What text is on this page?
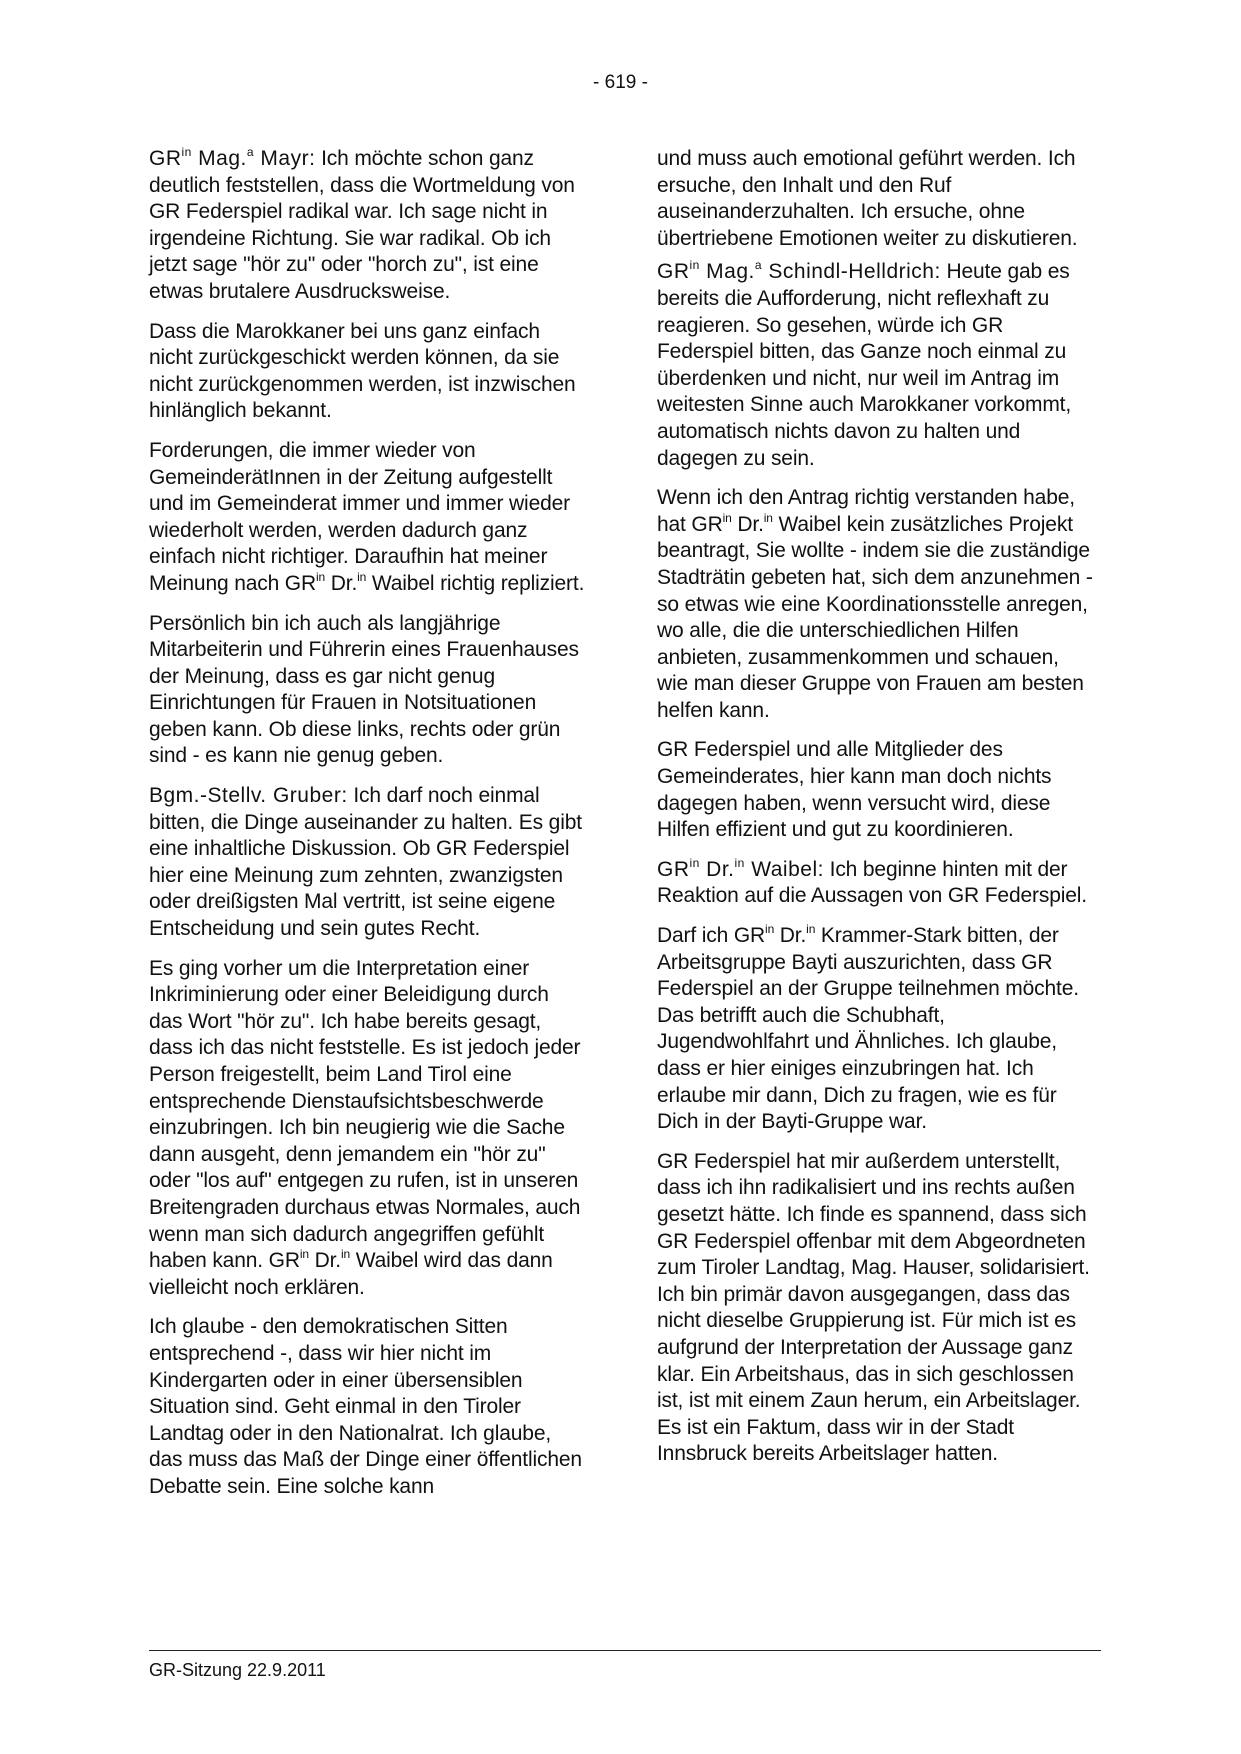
- 619 -

$GR^{in}$ Mag.$^a$ Mayr: Ich möchte schon ganz deutlich feststellen, dass die Wortmeldung von GR Federspiel radikal war. Ich sage nicht in irgendeine Richtung. Sie war radikal. Ob ich jetzt sage "hör zu" oder "horch zu", ist eine etwas brutalere Ausdrucksweise.

Dass die Marokkaner bei uns ganz einfach nicht zurückgeschickt werden können, da sie nicht zurückgenommen werden, ist inzwischen hinlänglich bekannt.

Forderungen, die immer wieder von GemeinderätInnen in der Zeitung aufgestellt und im Gemeinderat immer und immer wieder wiederholt werden, werden dadurch ganz einfach nicht richtiger. Daraufhin hat meiner Meinung nach $GR^{in}$ Dr.$^{in}$ Waibel richtig repliziert.

Persönlich bin ich auch als langjährige Mitarbeiterin und Führerin eines Frauenhauses der Meinung, dass es gar nicht genug Einrichtungen für Frauen in Notsituationen geben kann. Ob diese links, rechts oder grün sind - es kann nie genug geben.

Bgm.-Stellv. Gruber: Ich darf noch einmal bitten, die Dinge auseinander zu halten. Es gibt eine inhaltliche Diskussion. Ob GR Federspiel hier eine Meinung zum zehnten, zwanzigsten oder dreißigsten Mal vertritt, ist seine eigene Entscheidung und sein gutes Recht.

Es ging vorher um die Interpretation einer Inkriminierung oder einer Beleidigung durch das Wort "hör zu". Ich habe bereits gesagt, dass ich das nicht feststelle. Es ist jedoch jeder Person freigestellt, beim Land Tirol eine entsprechende Dienstaufsichtsbeschwerde einzubringen. Ich bin neugierig wie die Sache dann ausgeht, denn jemandem ein "hör zu" oder "los auf" entgegen zu rufen, ist in unseren Breitengraden durchaus etwas Normales, auch wenn man sich dadurch angegriffen gefühlt haben kann. $GR^{in}$ Dr.$^{in}$ Waibel wird das dann vielleicht noch erklären.

Ich glaube - den demokratischen Sitten entsprechend -, dass wir hier nicht im Kindergarten oder in einer übersensiblen Situation sind. Geht einmal in den Tiroler Landtag oder in den Nationalrat. Ich glaube, das muss das Maß der Dinge einer öffentlichen Debatte sein. Eine solche kann

und muss auch emotional geführt werden. Ich ersuche, den Inhalt und den Ruf auseinanderzuhalten. Ich ersuche, ohne übertriebene Emotionen weiter zu diskutieren.

$GR^{in}$ Mag.$^a$ Schindl-Helldrich: Heute gab es bereits die Aufforderung, nicht reflexhaft zu reagieren. So gesehen, würde ich GR Federspiel bitten, das Ganze noch einmal zu überdenken und nicht, nur weil im Antrag im weitesten Sinne auch Marokkaner vorkommt, automatisch nichts davon zu halten und dagegen zu sein.

Wenn ich den Antrag richtig verstanden habe, hat $GR^{in}$ Dr.$^{in}$ Waibel kein zusätzliches Projekt beantragt, Sie wollte - indem sie die zuständige Stadträtin gebeten hat, sich dem anzunehmen - so etwas wie eine Koordinationsstelle anregen, wo alle, die die unterschiedlichen Hilfen anbieten, zusammenkommen und schauen, wie man dieser Gruppe von Frauen am besten helfen kann.

GR Federspiel und alle Mitglieder des Gemeinderates, hier kann man doch nichts dagegen haben, wenn versucht wird, diese Hilfen effizient und gut zu koordinieren.

$GR^{in}$ Dr.$^{in}$ Waibel: Ich beginne hinten mit der Reaktion auf die Aussagen von GR Federspiel.

Darf ich $GR^{in}$ Dr.$^{in}$ Krammer-Stark bitten, der Arbeitsgruppe Bayti auszurichten, dass GR Federspiel an der Gruppe teilnehmen möchte. Das betrifft auch die Schubhaft, Jugendwohlfahrt und Ähnliches. Ich glaube, dass er hier einiges einzubringen hat. Ich erlaube mir dann, Dich zu fragen, wie es für Dich in der Bayti-Gruppe war.

GR Federspiel hat mir außerdem unterstellt, dass ich ihn radikalisiert und ins rechts außen gesetzt hätte. Ich finde es spannend, dass sich GR Federspiel offenbar mit dem Abgeordneten zum Tiroler Landtag, Mag. Hauser, solidarisiert. Ich bin primär davon ausgegangen, dass das nicht dieselbe Gruppierung ist. Für mich ist es aufgrund der Interpretation der Aussage ganz klar. Ein Arbeitshaus, das in sich geschlossen ist, ist mit einem Zaun herum, ein Arbeitslager. Es ist ein Faktum, dass wir in der Stadt Innsbruck bereits Arbeitslager hatten.

GR-Sitzung 22.9.2011
